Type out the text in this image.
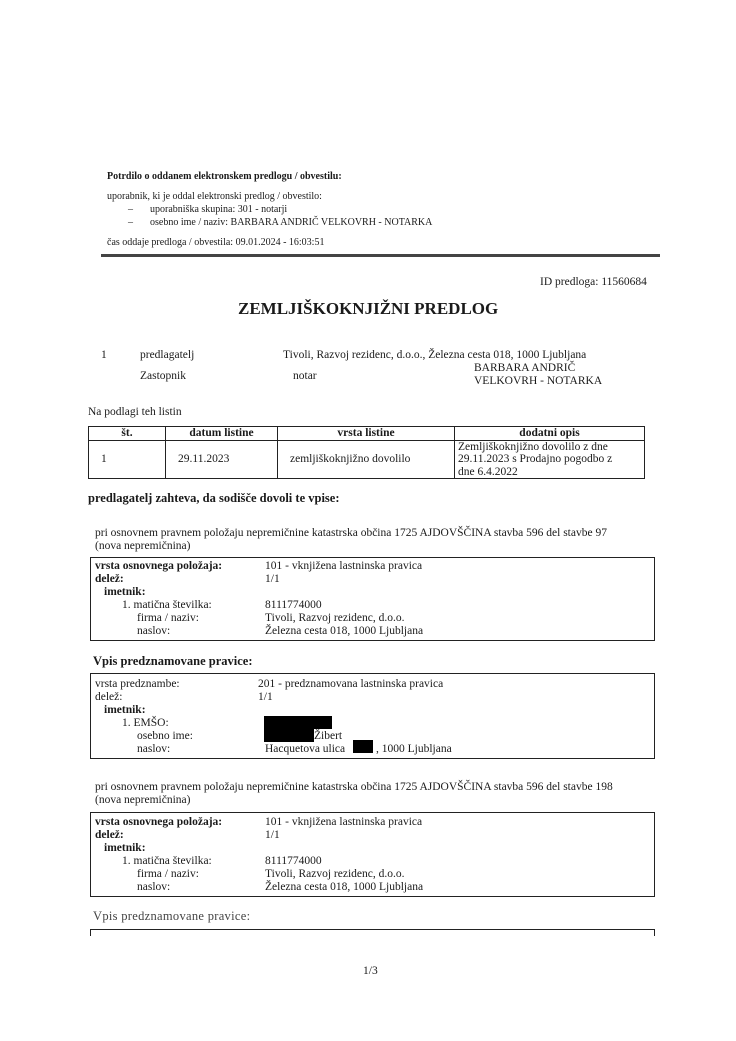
Potrdilo o oddanem elektronskem predlogu / obvestilu:
uporabnik, ki je oddal elektronski predlog / obvestilo:
– uporabniška skupina: 301 - notarji
– osebno ime / naziv: BARBARA ANDRIČ VELKOVRH - NOTARKA
čas oddaje predloga / obvestila: 09.01.2024 - 16:03:51
ID predloga: 11560684
ZEMLJIŠKOKNJIŽNI PREDLOG
1	predlagatelj	Tivoli, Razvoj rezidenc, d.o.o., Železna cesta 018, 1000 Ljubljana
Zastopnik	notar
BARBARA ANDRIČ
VELKOVRH - NOTARKA
Na podlagi teh listin
št.	datum listine	vrsta listine	dodatni opis
1	29.11.2023	zemljiškoknjižno dovolilo	Zemljiškoknjižno dovolilo z dne
29.11.2023 s Prodajno pogodbo z
dne 6.4.2022
predlagatelj zahteva, da sodišče dovoli te vpise:
pri osnovnem pravnem položaju nepremičnine katastrska občina 1725 AJDOVŠČINA stavba 596 del stavbe 97
(nova nepremičnina)
vrsta osnovnega položaja:	101 - vknjižena lastninska pravica
delež:	1/1
imetnik:
1. matična številka:	8111774000
firma / naziv:	Tivoli, Razvoj rezidenc, d.o.o.
naslov:	Železna cesta 018, 1000 Ljubljana
Vpis predznamovane pravice:
vrsta predznambe:	201 - predznamovana lastninska pravica
delež:	1/1
imetnik:
1. EMŠO:
osebno ime:	Žibert
naslov:	Hacquetova ulica	, 1000 Ljubljana
pri osnovnem pravnem položaju nepremičnine katastrska občina 1725 AJDOVŠČINA stavba 596 del stavbe 198
(nova nepremičnina)
vrsta osnovnega položaja:	101 - vknjižena lastninska pravica
delež:	1/1
imetnik:
1. matična številka:	8111774000
firma / naziv:	Tivoli, Razvoj rezidenc, d.o.o.
naslov:	Železna cesta 018, 1000 Ljubljana
Vpis predznamovane pravice:
1/3
